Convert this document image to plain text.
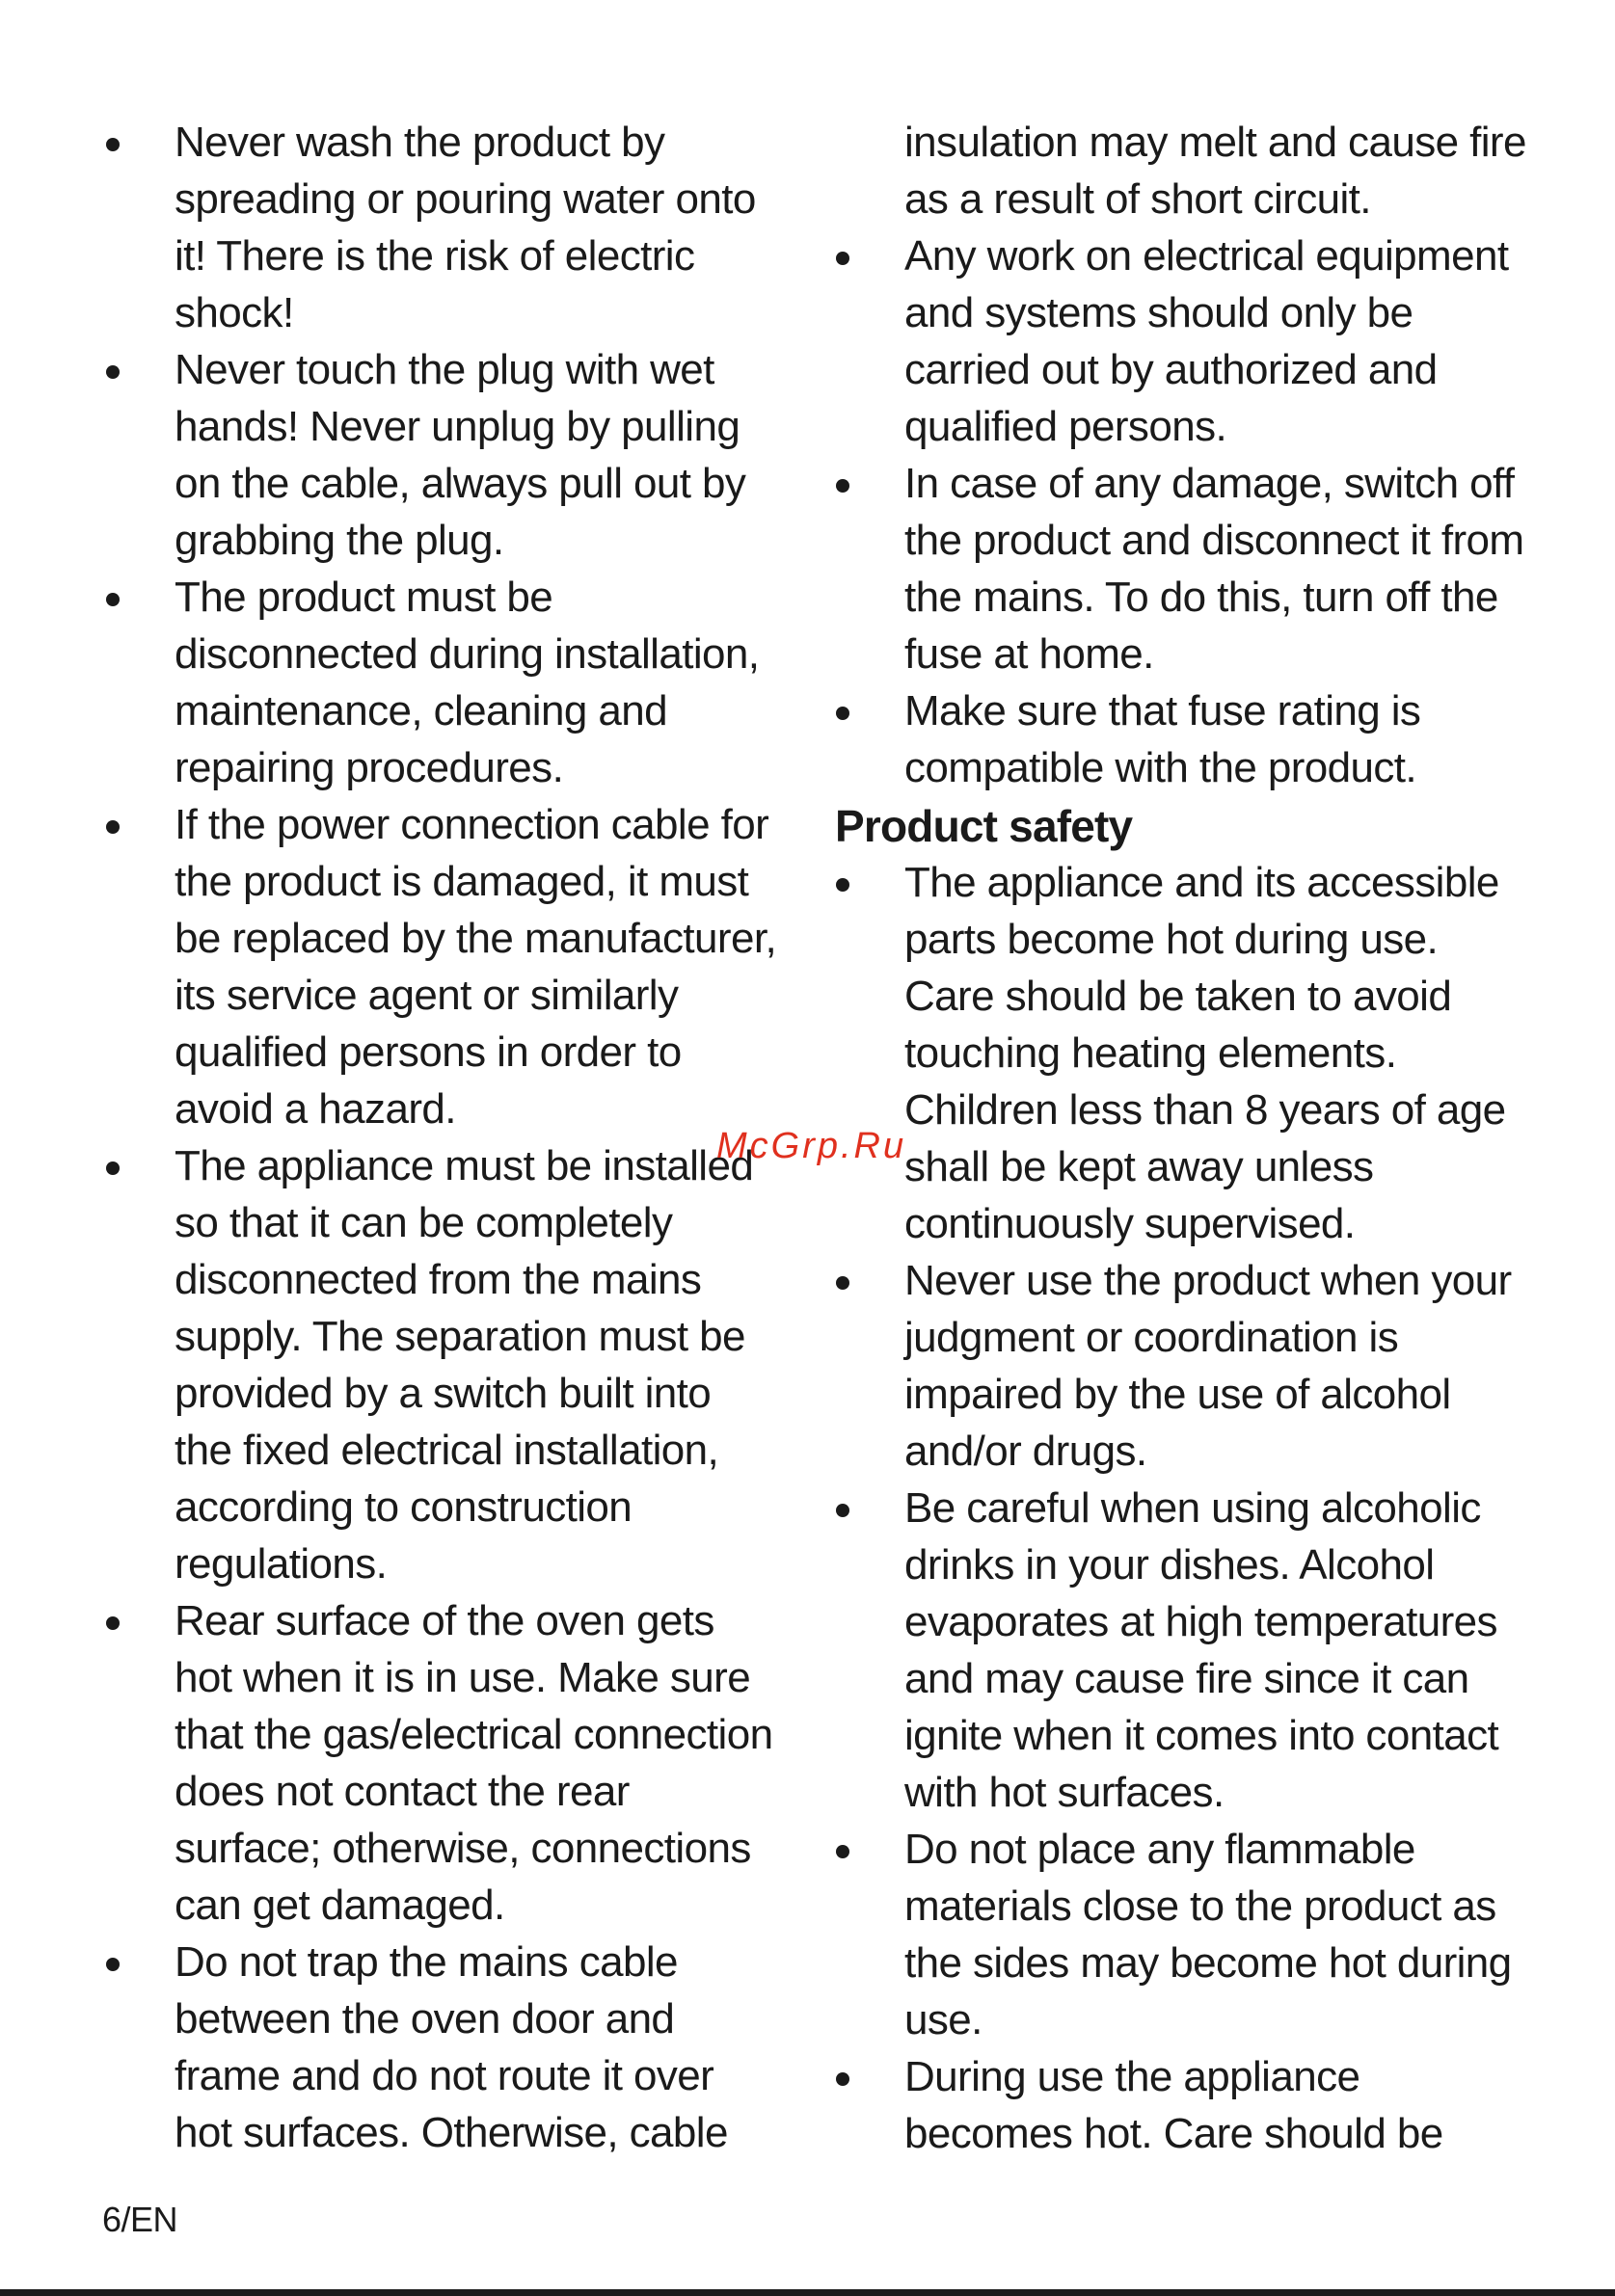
Never wash the product by spreading or pouring water onto it! There is the risk of electric shock!
Never touch the plug with wet hands! Never unplug by pulling on the cable, always pull out by grabbing the plug.
The product must be disconnected during installation, maintenance, cleaning and repairing procedures.
If the power connection cable for the product is damaged, it must be replaced by the manufacturer, its service agent or similarly qualified persons in order to avoid a hazard.
The appliance must be installed so that it can be completely disconnected from the mains supply. The separation must be provided by a switch built into the fixed electrical installation, according to construction regulations.
Rear surface of the oven gets hot when it is in use. Make sure that the gas/electrical connection does not contact the rear surface; otherwise, connections can get damaged.
Do not trap the mains cable between the oven door and frame and do not route it over hot surfaces. Otherwise, cable

insulation may melt and cause fire as a result of short circuit.

Any work on electrical equipment and systems should only be carried out by authorized and qualified persons.
In case of any damage, switch off the product and disconnect it from the mains. To do this, turn off the fuse at home.
Make sure that fuse rating is compatible with the product.
Product safety
The appliance and its accessible parts become hot during use. Care should be taken to avoid touching heating elements. Children less than 8 years of age shall be kept away unless continuously supervised.
Never use the product when your judgment or coordination is impaired by the use of alcohol and/or drugs.
Be careful when using alcoholic drinks in your dishes. Alcohol evaporates at high temperatures and may cause fire since it can ignite when it comes into contact with hot surfaces.
Do not place any flammable materials close to the product as the sides may become hot during use.
During use the appliance becomes hot. Care should be
McGrp.Ru
6/EN
